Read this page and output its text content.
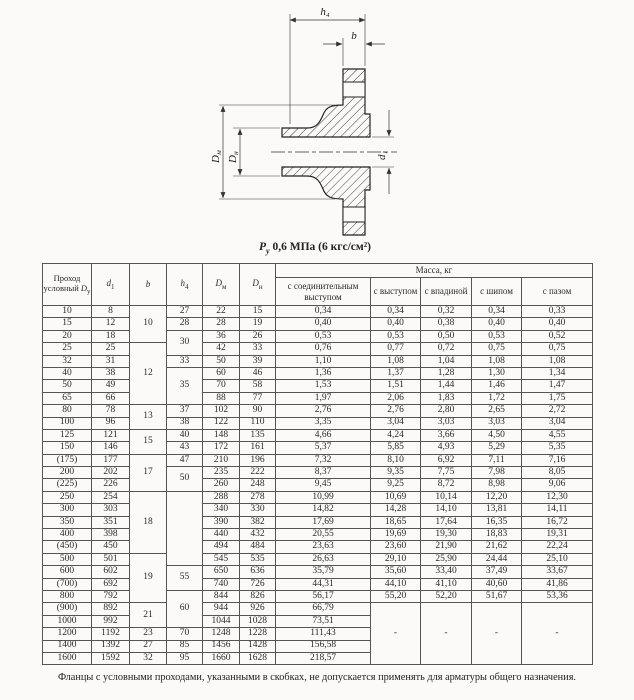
h₄
b
Dм
Dн	d₁
$P_у$ 0,6 МПа (6 кгс/см²)
Проход
условный $D_у$	$d_1$	b	$h_4$	$D_м$	$D_н$	Масса, кг				
						с соединительным выступом	с выступом	с впадиной	с шипом	с пазом
10	8	10	27	22	15	0,34	0,34	0,32	0,34	0,33
15	12		28	28	19	0,40	0,40	0,38	0,40	0,40
20	18		30	36	26	0,53	0,53	0,50	0,53	0,52
25	25	12		42	33	0,76	0,77	0,72	0,75	0,75
32	31		33	50	39	1,10	1,08	1,04	1,08	1,08
40	38		35	60	46	1,36	1,37	1,28	1,30	1,34
50	49			70	58	1,53	1,51	1,44	1,46	1,47
65	66			88	77	1,97	2,06	1,83	1,72	1,75
80	78	13	37	102	90	2,76	2,76	2,80	2,65	2,72
100	96		38	122	110	3,35	3,04	3,03	3,03	3,04
125	121	15	40	148	135	4,66	4,24	3,66	4,50	4,55
150	146		43	172	161	5,37	5,85	4,93	5,29	5,35
(175)	177	17	47	210	196	7,32	8,10	6,92	7,11	7,16
200	202		50	235	222	8,37	9,35	7,75	7,98	8,05
(225)	226			260	248	9,45	9,25	8,72	8,98	9,06
250	254	18		288	278	10,99	10,69	10,14	12,20	12,30
300	303			340	330	14,82	14,28	14,10	13,81	14,11
350	351			390	382	17,69	18,65	17,64	16,35	16,72
400	398			440	432	20,55	19,69	19,30	18,83	19,31
(450)	450			494	484	23,63	23,60	21,90	21,62	22,24
500	501	19		545	535	26,63	29,10	25,90	24,44	25,10
600	602		55	650	636	35,79	35,60	33,40	37,49	33,67
(700)	692			740	726	44,31	44,10	41,10	40,60	41,86
800	792		60	844	826	56,17	55,20	52,20	51,67	53,36
(900)	892	21		944	926	66,79	-	-	-	-
1000	992			1044	1028	73,51				
1200	1192	23	70	1248	1228	111,43				
1400	1392	27	85	1456	1428	156,58				
1600	1592	32	95	1660	1628	218,57				
Фланцы с условными проходами, указанными в скобках, не допускается применять для арматуры общего назначения.
